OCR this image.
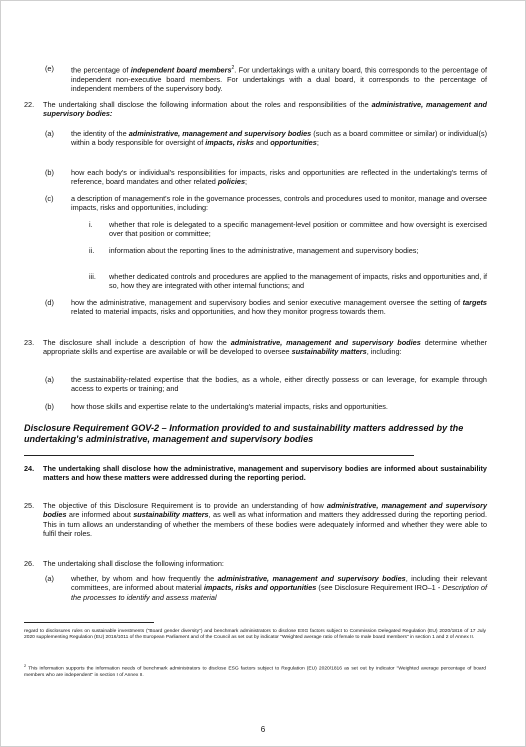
(e) the percentage of independent board members$^2$. For undertakings with a unitary board, this corresponds to the percentage of independent non-executive board members. For undertakings with a dual board, it corresponds to the percentage of independent members of the supervisory body.
22. The undertaking shall disclose the following information about the roles and responsibilities of the administrative, management and supervisory bodies:
(a) the identity of the administrative, management and supervisory bodies (such as a board committee or similar) or individual(s) within a body responsible for oversight of impacts, risks and opportunities;
(b) how each body's or individual's responsibilities for impacts, risks and opportunities are reflected in the undertaking's terms of reference, board mandates and other related policies;
(c) a description of management's role in the governance processes, controls and procedures used to monitor, manage and oversee impacts, risks and opportunities, including:
i. whether that role is delegated to a specific management-level position or committee and how oversight is exercised over that position or committee;
ii. information about the reporting lines to the administrative, management and supervisory bodies;
iii. whether dedicated controls and procedures are applied to the management of impacts, risks and opportunities and, if so, how they are integrated with other internal functions; and
(d) how the administrative, management and supervisory bodies and senior executive management oversee the setting of targets related to material impacts, risks and opportunities, and how they monitor progress towards them.
23. The disclosure shall include a description of how the administrative, management and supervisory bodies determine whether appropriate skills and expertise are available or will be developed to oversee sustainability matters, including:
(a) the sustainability-related expertise that the bodies, as a whole, either directly possess or can leverage, for example through access to experts or training; and
(b) how those skills and expertise relate to the undertaking's material impacts, risks and opportunities.
Disclosure Requirement GOV-2 – Information provided to and sustainability matters addressed by the undertaking's administrative, management and supervisory bodies
24. The undertaking shall disclose how the administrative, management and supervisory bodies are informed about sustainability matters and how these matters were addressed during the reporting period.
25. The objective of this Disclosure Requirement is to provide an understanding of how administrative, management and supervisory bodies are informed about sustainability matters, as well as what information and matters they addressed during the reporting period. This in turn allows an understanding of whether the members of these bodies were adequately informed and whether they were able to fulfil their roles.
26. The undertaking shall disclose the following information:
(a) whether, by whom and how frequently the administrative, management and supervisory bodies, including their relevant committees, are informed about material impacts, risks and opportunities (see Disclosure Requirement IRO–1 - Description of the processes to identify and assess material
regard to disclosures rules on sustainable investments ("Board gender diversity") and benchmark administrators to disclose ESG factors subject to Commission Delegated Regulation (EU) 2020/1816 of 17 July 2020 supplementing Regulation (EU) 2016/1011 of the European Parliament and of the Council as set out by indicator "Weighted average ratio of female to male board members" in section 1 and 2 of Annex II.
$^2$ This information supports the information needs of benchmark administrators to disclose ESG factors subject to Regulation (EU) 2020/1816 as set out by indicator "Weighted average percentage of board members who are independent" in section I of Annex II.
6
